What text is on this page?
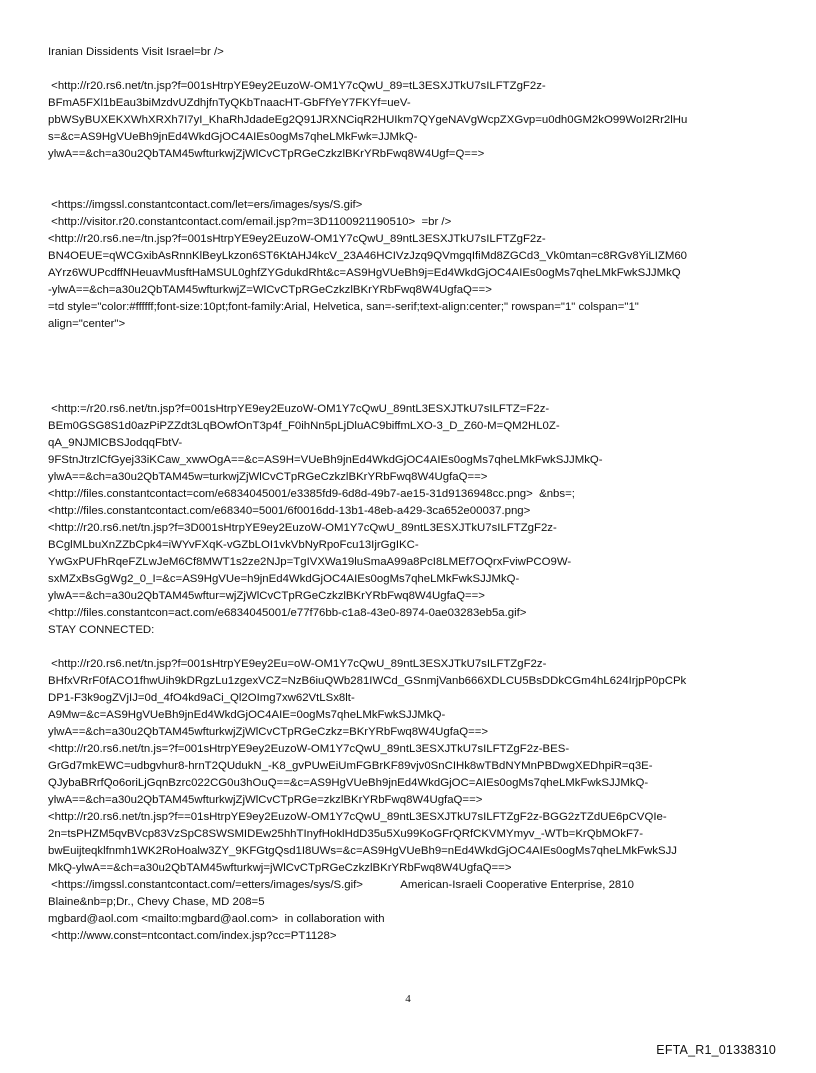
Iranian Dissidents Visit Israel=br />

<http://r20.rs6.net/tn.jsp?f=001sHtrpYE9ey2EuzoW-OM1Y7cQwU_89=tL3ESXJTkU7sILFTZgF2z-

BFmA5FXl1bEau3biMzdvUZdhjfnTyQKbTnaacHT-GbFfYeY7FKYf=ueV-

pbWSyBUXEKXWhXRXh7I7yI_KhaRhJdadeEg2Q91JRXNCiqR2HUIkm7QYgeNAVgWcpZXGvp=u0dh0GM2kO99WoI2Rr2lHu

s=&c=AS9HgVUeBh9jnEd4WkdGjOC4AIEs0ogMs7qheLMkFwk=JJMkQ-

ylwA==&ch=a30u2QbTAM45wfturkwjZjWlCvCTpRGeCzkzlBKrYRbFwq8W4Ugf=Q==>

<https://imgssl.constantcontact.com/let=ers/images/sys/S.gif>

<http://visitor.r20.constantcontact.com/email.jsp?m=3D1100921190510>  =br />

<http://r20.rs6.ne=/tn.jsp?f=001sHtrpYE9ey2EuzoW-OM1Y7cQwU_89ntL3ESXJTkU7sILFTZgF2z-

BN4OEUE=qWCGxibAsRnnKlBeyLkzon6ST6KtAHJ4kcV_23A46HCIVzJzq9QVmgqIfiMd8ZGCd3_Vk0mtan=c8RGv8YiLIZM60

AYrz6WUPcdffNHeuavMusftHaMSUL0ghfZYGdukdRht&c=AS9HgVUeBh9j=Ed4WkdGjOC4AIEs0ogMs7qheLMkFwkSJJMkQ

-ylwA==&ch=a30u2QbTAM45wfturkwjZ=WlCvCTpRGeCzkzlBKrYRbFwq8W4UgfaQ==>

=td style="color:#ffffff;font-size:10pt;font-family:Arial, Helvetica, san=-serif;text-align:center;" rowspan="1" colspan="1"

align="center">

<http:=/r20.rs6.net/tn.jsp?f=001sHtrpYE9ey2EuzoW-OM1Y7cQwU_89ntL3ESXJTkU7sILFTZ=F2z-

BEm0GSG8S1d0azPiPZZdt3LqBOwfOnT3p4f_F0ihNn5pLjDluAC9biffmLXO-3_D_Z60-M=QM2HL0Z-

qA_9NJMlCBSJodqqFbtV-

9FStnJtrzlCfGyej33iKCaw_xwwOgA==&c=AS9H=VUeBh9jnEd4WkdGjOC4AIEs0ogMs7qheLMkFwkSJJMkQ-

ylwA==&ch=a30u2QbTAM45w=turkwjZjWlCvCTpRGeCzkzlBKrYRbFwq8W4UgfaQ==>

<http://files.constantcontact=com/e6834045001/e3385fd9-6d8d-49b7-ae15-31d9136948cc.png>  &nbs=;

<http://files.constantcontact.com/e68340=5001/6f0016dd-13b1-48eb-a429-3ca652e00037.png>

<http://r20.rs6.net/tn.jsp?f=3D001sHtrpYE9ey2EuzoW-OM1Y7cQwU_89ntL3ESXJTkU7sILFTZgF2z-

BCglMLbuXnZZbCpk4=iWYvFXqK-vGZbLOI1vkVbNyRpoFcu13IjrGgIKC-

YwGxPUFhRqeFZLwJeM6Cf8MWT1s2ze2NJp=TgIVXWa19luSmaA99a8PcI8LMEf7OQrxFviwPCO9W-

sxMZxBsGgWg2_0_I=&c=AS9HgVUe=h9jnEd4WkdGjOC4AIEs0ogMs7qheLMkFwkSJJMkQ-

ylwA==&ch=a30u2QbTAM45wftur=wjZjWlCvCTpRGeCzkzlBKrYRbFwq8W4UgfaQ==>

<http://files.constantcon=act.com/e6834045001/e77f76bb-c1a8-43e0-8974-0ae03283eb5a.gif>

STAY CONNECTED:

<http://r20.rs6.net/tn.jsp?f=001sHtrpYE9ey2Eu=oW-OM1Y7cQwU_89ntL3ESXJTkU7sILFTZgF2z-

BHfxVRrF0fACO1fhwUih9kDRgzLu1zgexVCZ=NzB6iuQWb281IWCd_GSnmjVanb666XDLCU5BsDDkCGm4hL624IrjpP0pCPk

DP1-F3k9ogZVjIJ=0d_4fO4kd9aCi_Ql2OImg7xw62VtLSx8lt-

A9Mw=&c=AS9HgVUeBh9jnEd4WkdGjOC4AIE=0ogMs7qheLMkFwkSJJMkQ-

ylwA==&ch=a30u2QbTAM45wfturkwjZjWlCvCTpRGeCzkz=BKrYRbFwq8W4UgfaQ==>

<http://r20.rs6.net/tn.js=?f=001sHtrpYE9ey2EuzoW-OM1Y7cQwU_89ntL3ESXJTkU7sILFTZgF2z-BES-

GrGd7mkEWC=udbgvhur8-hrnT2QUdukN_-K8_gvPUwEiUmFGBrKF89vjv0SnCIHk8wTBdNYMnPBDwgXEDhpiR=q3E-

QJybaBRrfQo6oriLjGqnBzrc022CG0u3hOuQ==&c=AS9HgVUeBh9jnEd4WkdGjOC=AIEs0ogMs7qheLMkFwkSJJMkQ-

ylwA==&ch=a30u2QbTAM45wfturkwjZjWlCvCTpRGe=zkzlBKrYRbFwq8W4UgfaQ==>

<http://r20.rs6.net/tn.jsp?f==01sHtrpYE9ey2EuzoW-OM1Y7cQwU_89ntL3ESXJTkU7sILFTZgF2z-BGG2zTZdUE6pCVQIe-

2n=tsPHZM5qvBVcp83VzSpC8SWSMIDEw25hhTInyfHoklHdD35u5Xu99KoGFrQRfCKVMYmyv_-WTb=KrQbMOkF7-

bwEuijteqklfnmh1WK2RoHoalw3ZY_9KFGtgQsd1I8UWs=&c=AS9HgVUeBh9=nEd4WkdGjOC4AIEs0ogMs7qheLMkFwkSJJ

MkQ-ylwA==&ch=a30u2QbTAM45wfturkwj=jWlCvCTpRGeCzkzlBKrYRbFwq8W4UgfaQ==>

<https://imgssl.constantcontact.com/=etters/images/sys/S.gif>            American-Israeli Cooperative Enterprise, 2810

Blaine&nb=p;Dr., Chevy Chase, MD 208=5

mgbard@aol.com <mailto:mgbard@aol.com>  in collaboration with

<http://www.const=ntcontact.com/index.jsp?cc=PT1128>

4
EFTA_R1_01338310
